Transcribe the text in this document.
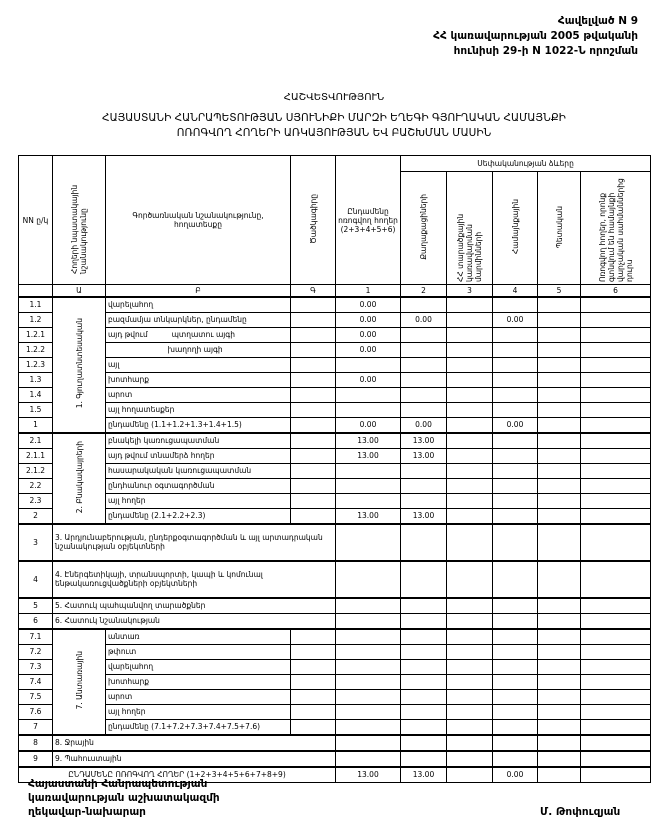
Հավելված N 9
ՀՀ կառավարության 2005 թվականի
հունիսի 29-ի N 1022-Ն որոշման
ՀԱՇՎԵՏՎՈՒԹՅՈՒՆ
ՀԱՅԱՍՏԱՆԻ ՀԱՆՐԱՊԵՏՈՒԹՅԱՆ ՍՅՈՒՆԻՔԻ ՄԱՐԶԻ ԵՂԵԳԻ ԳՅՈՒՂԱԿԱՆ ՀԱՄԱՅՆՔԻ
ՈՌՈԳՎՈՂ ՀՈՂԵՐԻ ԱՌԿԱՅՈՒԹՅԱՆ ԵՎ ԲԱՇԽՄԱՆ ՄԱՍԻՆ
NN ը/կ	Հողերի նպատակային նշանակությունը	Գործառնական նշանակությունը, հողատեսքը	Ծածկագիրը	Ընդամենը ոռոգվող հողեր (2+3+4+5+6)	Սեփականության ձևերը				
					Քաղաքացիների	ՀՀ տարածքային կառավարման մարմինների	Համայնքային	Պետական	Ոռոգվող հողեր, որոնք գտնվում են համայնքի վարչական սահմաններից դուրս
	Ա	Բ	Գ	1	2	3	4	5	6
1.1	1. Գյուղատնտեսական	վարելահող		0.00					
1.2		բազմամյա տնկարկներ, ընդամենը		0.00	0.00		0.00		
1.2.1		այդ թվում          պտղատու այգի		0.00					
1.2.2		խաղողի այգի		0.00					
1.2.3		այլ							
1.3		խոտհարք		0.00					
1.4		արոտ							
1.5		այլ հողատեսքեր							
1		ընդամենը (1.1+1.2+1.3+1.4+1.5)		0.00	0.00		0.00		
2.1	2. Բնակավայրերի	բնակելի կառուցապատման		13.00	13.00				
2.1.1		այդ թվում տնամերձ հողեր		13.00	13.00				
2.1.2		հասարակական կառուցապատման							
2.2		ընդհանուր օգտագործման							
2.3		այլ հողեր							
2		ընդամենը (2.1+2.2+2.3)		13.00	13.00				
3	3. Արդյունաբերության, ընդերքօգտագործման և այլ արտադրական նշանակության օբյեկտների								
4	4. Էներգետիկայի, տրանսպորտի, կապի և կոմունալ ենթակառուցվածքների օբյեկտների								
5	5. Հատուկ պահպանվող տարածքներ								
6	6. Հատուկ նշանակության								
7.1	7. Անտառային	անտառ							
7.2		թփուտ							
7.3		վարելահող							
7.4		խոտհարք							
7.5		արոտ							
7.6		այլ հողեր							
7		ընդամենը (7.1+7.2+7.3+7.4+7.5+7.6)							
8	8. Ջրային								
9	9. Պահուստային								
ԸՆԴԱՄԵՆԸ ՈՌՈԳՎՈՂ ՀՈՂԵՐ (1+2+3+4+5+6+7+8+9)				13.00	13.00		0.00		
Հայաստանի Հանրապետության
կառավարության աշխատակազմի
ղեկավար-նախարար	Մ. Թոփուզյան
